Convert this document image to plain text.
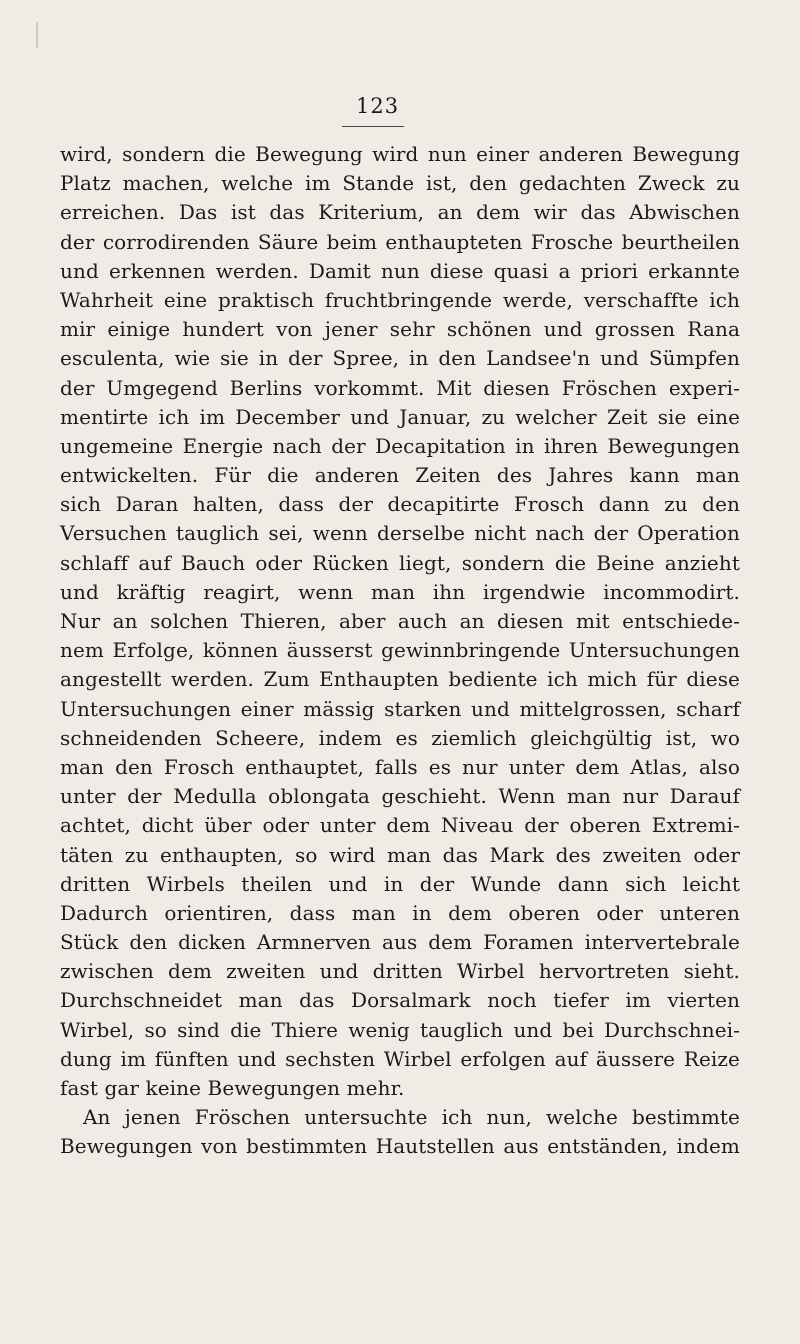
123
wird, sondern die Bewegung wird nun einer anderen Bewegung
Platz machen, welche im Stande ist, den gedachten Zweck zu
erreichen. Das ist das Kriterium, an dem wir das Abwischen
der corrodirenden Säure beim enthaupteten Frosche beurtheilen
und erkennen werden. Damit nun diese quasi a priori erkannte
Wahrheit eine praktisch fruchtbringende werde, verschaffte ich
mir einige hundert von jener sehr schönen und grossen Rana
esculenta, wie sie in der Spree, in den Landsee'n und Sümpfen
der Umgegend Berlins vorkommt. Mit diesen Fröschen experi-
mentirte ich im December und Januar, zu welcher Zeit sie eine
ungemeine Energie nach der Decapitation in ihren Bewegungen
entwickelten. Für die anderen Zeiten des Jahres kann man
sich Daran halten, dass der decapitirte Frosch dann zu den
Versuchen tauglich sei, wenn derselbe nicht nach der Operation
schlaff auf Bauch oder Rücken liegt, sondern die Beine anzieht
und kräftig reagirt, wenn man ihn irgendwie incommodirt.
Nur an solchen Thieren, aber auch an diesen mit entschiede-
nem Erfolge, können äusserst gewinnbringende Untersuchungen
angestellt werden. Zum Enthaupten bediente ich mich für diese
Untersuchungen einer mässig starken und mittelgrossen, scharf
schneidenden Scheere, indem es ziemlich gleichgültig ist, wo
man den Frosch enthauptet, falls es nur unter dem Atlas, also
unter der Medulla oblongata geschieht. Wenn man nur Darauf
achtet, dicht über oder unter dem Niveau der oberen Extremi-
täten zu enthaupten, so wird man das Mark des zweiten oder
dritten Wirbels theilen und in der Wunde dann sich leicht
Dadurch orientiren, dass man in dem oberen oder unteren
Stück den dicken Armnerven aus dem Foramen intervertebrale
zwischen dem zweiten und dritten Wirbel hervortreten sieht.
Durchschneidet man das Dorsalmark noch tiefer im vierten
Wirbel, so sind die Thiere wenig tauglich und bei Durchschnei-
dung im fünften und sechsten Wirbel erfolgen auf äussere Reize
fast gar keine Bewegungen mehr.
An jenen Fröschen untersuchte ich nun, welche bestimmte
Bewegungen von bestimmten Hautstellen aus entständen, indem
